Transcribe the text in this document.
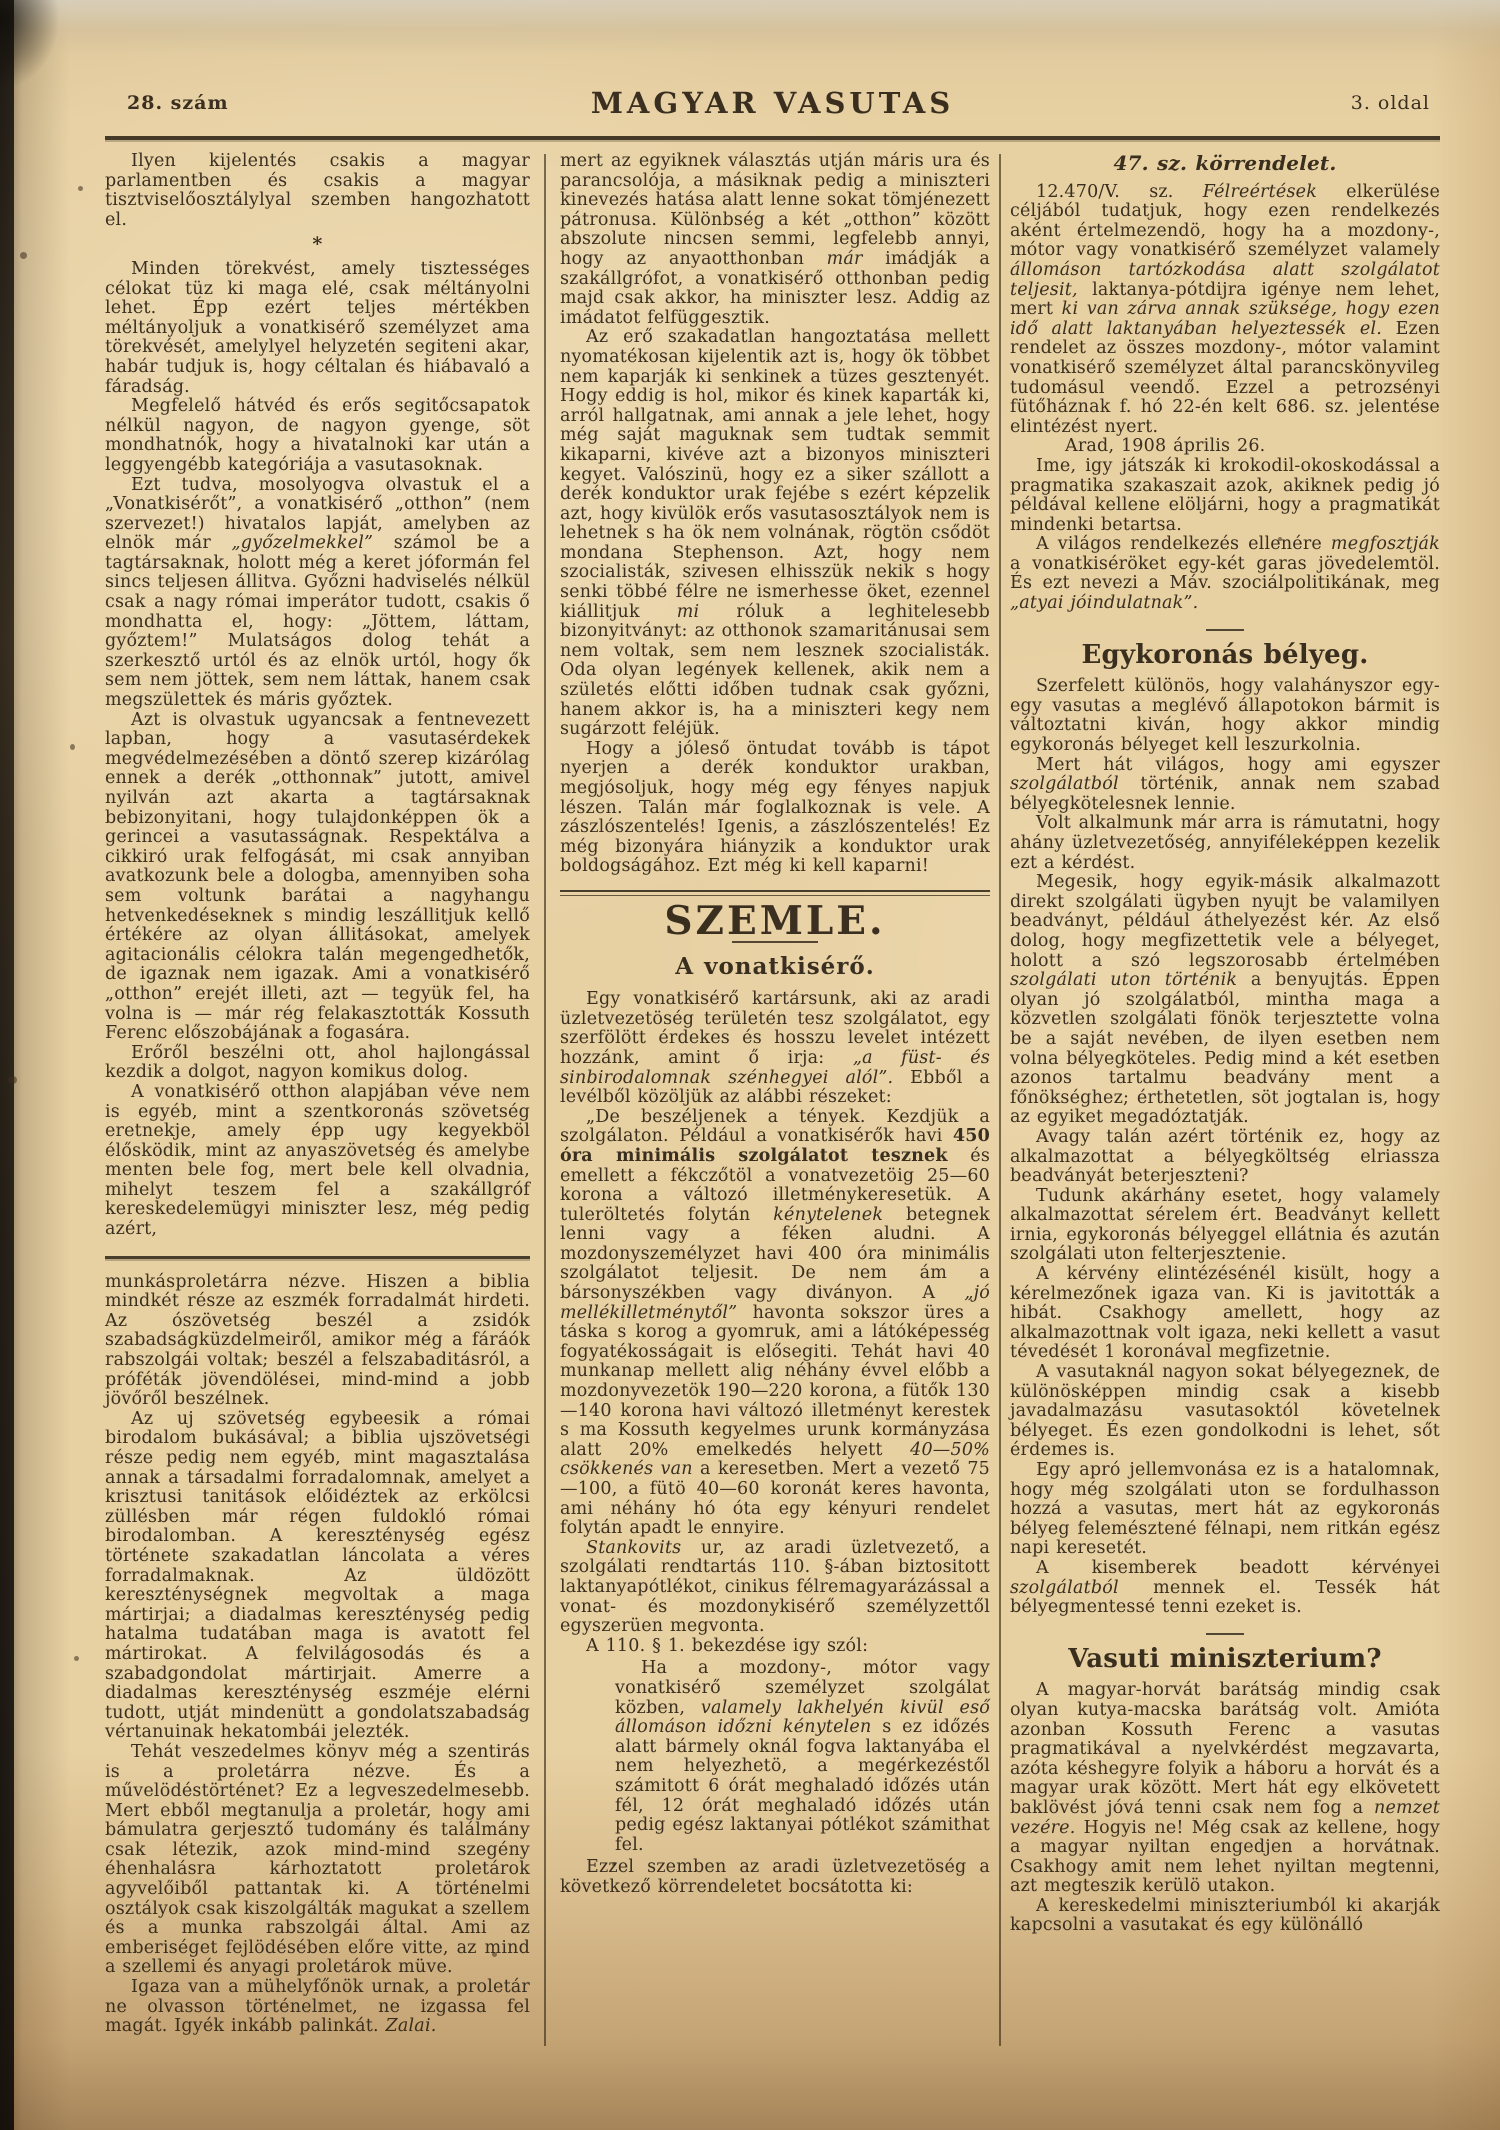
28. szám	MAGYAR VASUTAS	3. oldal

Ilyen kijelentés csakis a magyar parlamentben és csakis a magyar tisztviselőosztálylyal szemben hangozhatott el.

*

Minden törekvést, amely tisztességes célokat tüz ki maga elé, csak méltányolni lehet. Épp ezért teljes mértékben méltányoljuk a vonatkisérő személyzet ama törekvését, amelylyel helyzetén segiteni akar, habár tudjuk is, hogy céltalan és hiábavaló a fáradság.

Megfelelő hátvéd és erős segitőcsapatok nélkül nagyon, de nagyon gyenge, söt mondhatnók, hogy a hivatalnoki kar után a leggyengébb kategóriája a vasutasoknak.

Ezt tudva, mosolyogva olvastuk el a „Vonatkisérőt”, a vonatkisérő „otthon” (nem szervezet!) hivatalos lapját, amelyben az elnök már „győzelmekkel” számol be a tagtársaknak, holott még a keret jóformán fel sincs teljesen állitva. Győzni hadviselés nélkül csak a nagy római imperátor tudott, csakis ő mondhatta el, hogy: „Jöttem, láttam, győztem!” Mulatságos dolog tehát a szerkesztő urtól és az elnök urtól, hogy ők sem nem jöttek, sem nem láttak, hanem csak megszülettek és máris győztek.

Azt is olvastuk ugyancsak a fentnevezett lapban, hogy a vasutasérdekek megvédelmezésében a döntő szerep kizárólag ennek a derék „otthonnak” jutott, amivel nyilván azt akarta a tagtársaknak bebizonyitani, hogy tulajdonképpen ök a gerincei a vasutasságnak. Respektálva a cikkiró urak felfogását, mi csak annyiban avatkozunk bele a dologba, amennyiben soha sem voltunk barátai a nagyhangu hetvenkedéseknek s mindig leszállitjuk kellő értékére az olyan állitásokat, amelyek agitacionális célokra talán megengedhetők, de igaznak nem igazak. Ami a vonatkisérő „otthon” erejét illeti, azt — tegyük fel, ha volna is — már rég felakasztották Kossuth Ferenc előszobájának a fogasára.

Erőről beszélni ott, ahol hajlongással kezdik a dolgot, nagyon komikus dolog.

A vonatkisérő otthon alapjában véve nem is egyéb, mint a szentkoronás szövetség eretnekje, amely épp ugy kegyekböl élősködik, mint az anyaszövetség és amelybe menten bele fog, mert bele kell olvadnia, mihelyt teszem fel a szakállgróf kereskedelemügyi miniszter lesz, még pedig azért,

munkásproletárra nézve. Hiszen a biblia mindkét része az eszmék forradalmát hirdeti. Az ószövetség beszél a zsidók szabadságküzdelmeiről, amikor még a fáráók rabszolgái voltak; beszél a felszabaditásról, a próféták jövendölései, mind-mind a jobb jövőről beszélnek.

Az uj szövetség egybeesik a római birodalom bukásával; a biblia ujszövetségi része pedig nem egyéb, mint magasztalása annak a társadalmi forradalomnak, amelyet a krisztusi tanitások előidéztek az erkölcsi züllésben már régen fuldokló római birodalomban. A kereszténység egész története szakadatlan láncolata a véres forradalmaknak. Az üldözött kereszténységnek megvoltak a maga mártirjai; a diadalmas kereszténység pedig hatalma tudatában maga is avatott fel mártirokat. A felvilágosodás és a szabadgondolat mártirjait. Amerre a diadalmas kereszténység eszméje elérni tudott, utját mindenütt a gondolatszabadság vértanuinak hekatombái jelezték.

Tehát veszedelmes könyv még a szentirás is a proletárra nézve. És a művelödéstörténet? Ez a legveszedelmesebb. Mert ebből megtanulja a proletár, hogy ami bámulatra gerjesztő tudomány és találmány csak létezik, azok mind-mind szegény éhenhalásra kárhoztatott proletárok agyvelőiből pattantak ki. A történelmi osztályok csak kiszolgálták magukat a szellem és a munka rabszolgái által. Ami az emberiséget fejlödésében előre vitte, az mind a szellemi és anyagi proletárok müve.

Igaza van a mühelyfőnök urnak, a proletár ne olvasson történelmet, ne izgassa fel magát. Igyék inkább palinkát. Zalai.

mert az egyiknek választás utján máris ura és parancsolója, a másiknak pedig a miniszteri kinevezés hatása alatt lenne sokat tömjénezett pátronusa. Különbség a két „otthon” között abszolute nincsen semmi, legfelebb annyi, hogy az anyaotthonban már imádják a szakállgrófot, a vonatkisérő otthonban pedig majd csak akkor, ha miniszter lesz. Addig az imádatot felfüggesztik.

Az erő szakadatlan hangoztatása mellett nyomatékosan kijelentik azt is, hogy ök többet nem kaparják ki senkinek a tüzes gesztenyét. Hogy eddig is hol, mikor és kinek kaparták ki, arról hallgatnak, ami annak a jele lehet, hogy még saját maguknak sem tudtak semmit kikaparni, kivéve azt a bizonyos miniszteri kegyet. Valószinü, hogy ez a siker szállott a derék konduktor urak fejébe s ezért képzelik azt, hogy kivülök erős vasutasosztályok nem is lehetnek s ha ök nem volnának, rögtön csődöt mondana Stephenson. Azt, hogy nem szocialisták, szivesen elhisszük nekik s hogy senki többé félre ne ismerhesse öket, ezennel kiállitjuk mi róluk a leghitelesebb bizonyitványt: az otthonok szamaritánusai sem nem voltak, sem nem lesznek szocialisták. Oda olyan legények kellenek, akik nem a születés előtti időben tudnak csak győzni, hanem akkor is, ha a miniszteri kegy nem sugárzott feléjük.

Hogy a jóleső öntudat tovább is tápot nyerjen a derék konduktor urakban, megjósoljuk, hogy még egy fényes napjuk lészen. Talán már foglalkoznak is vele. A zászlószentelés! Igenis, a zászlószentelés! Ez még bizonyára hiányzik a konduktor urak boldogságához. Ezt még ki kell kaparni!

SZEMLE.

A vonatkisérő.

Egy vonatkisérő kartársunk, aki az aradi üzletvezetöség területén tesz szolgálatot, egy szerfölött érdekes és hosszu levelet intézett hozzánk, amint ő irja: „a füst- és sinbirodalomnak szénhegyei alól”. Ebből a levélből közöljük az alábbi részeket:

„De beszéljenek a tények. Kezdjük a szolgálaton. Például a vonatkisérők havi 450 óra minimális szolgálatot tesznek és emellett a fékczőtöl a vonatvezetöig 25—60 korona a változó illetménykeresetük. A tuleröltetés folytán kénytelenek betegnek lenni vagy a féken aludni. A mozdonyszemélyzet havi 400 óra minimális szolgálatot teljesit. De nem ám a bársonyszékben vagy diványon. A „jó mellékilletménytől” havonta sokszor üres a táska s korog a gyomruk, ami a látóképesség fogyatékosságait is elősegiti. Tehát havi 40 munkanap mellett alig néhány évvel előbb a mozdonyvezetök 190—220 korona, a fütők 130—140 korona havi változó illetményt kerestek s ma Kossuth kegyelmes urunk kormányzása alatt 20% emelkedés helyett 40—50% csökkenés van a keresetben. Mert a vezető 75—100, a fütö 40—60 koronát keres havonta, ami néhány hó óta egy kényuri rendelet folytán apadt le ennyire.

Stankovits ur, az aradi üzletvezető, a szolgálati rendtartás 110. §-ában biztositott laktanyapótlékot, cinikus félremagyarázással a vonat- és mozdonykisérő személyzettől egyszerüen megvonta.

A 110. § 1. bekezdése igy szól:

Ha a mozdony-, mótor vagy vonatkisérő személyzet szolgálat közben, valamely lakhelyén kivül eső állomáson időzni kénytelen s ez időzés alatt bármely oknál fogva laktanyába el nem helyezhetö, a megérkezéstől számitott 6 órát meghaladó időzés után fél, 12 órát meghaladó időzés után pedig egész laktanyai pótlékot számithat fel.

Ezzel szemben az aradi üzletvezetöség a következő körrendeletet bocsátotta ki:

47. sz. körrendelet.

12.470/V. sz. Félreértések elkerülése céljából tudatjuk, hogy ezen rendelkezés aként értelmezendö, hogy ha a mozdony-, mótor vagy vonatkisérő személyzet valamely állomáson tartózkodása alatt szolgálatot teljesit, laktanya-pótdijra igénye nem lehet, mert ki van zárva annak szüksége, hogy ezen idő alatt laktanyában helyeztessék el. Ezen rendelet az összes mozdony-, mótor valamint vonatkisérő személyzet által parancskönyvileg tudomásul veendő. Ezzel a petrozsényi fütőháznak f. hó 22-én kelt 686. sz. jelentése elintézést nyert.

Arad, 1908 április 26.

Ime, igy játszák ki krokodil-okoskodással a pragmatika szakaszait azok, akiknek pedig jó példával kellene elöljárni, hogy a pragmatikát mindenki betartsa.

A világos rendelkezés ellenére megfosztják a vonatkiséröket egy-két garas jövedelemtöl. És ezt nevezi a Máv. szociálpolitikának, meg „atyai jóindulatnak”.

Egykoronás bélyeg.

Szerfelett különös, hogy valahányszor egy-egy vasutas a meglévő állapotokon bármit is változtatni kiván, hogy akkor mindig egykoronás bélyeget kell leszurkolnia.

Mert hát világos, hogy ami egyszer szolgálatból történik, annak nem szabad bélyegkötelesnek lennie.

Volt alkalmunk már arra is rámutatni, hogy ahány üzletvezetőség, annyiféleképpen kezelik ezt a kérdést.

Megesik, hogy egyik-másik alkalmazott direkt szolgálati ügyben nyujt be valamilyen beadványt, például áthelyezést kér. Az első dolog, hogy megfizettetik vele a bélyeget, holott a szó legszorosabb értelmében szolgálati uton történik a benyujtás. Éppen olyan jó szolgálatból, mintha maga a közvetlen szolgálati fönök terjesztette volna be a saját nevében, de ilyen esetben nem volna bélyegköteles. Pedig mind a két esetben azonos tartalmu beadvány ment a főnökséghez; érthetetlen, söt jogtalan is, hogy az egyiket megadóztatják.

Avagy talán azért történik ez, hogy az alkalmazottat a bélyegköltség elriassza beadványát beterjeszteni?

Tudunk akárhány esetet, hogy valamely alkalmazottat sérelem ért. Beadványt kellett irnia, egykoronás bélyeggel ellátnia és azután szolgálati uton felterjesztenie.

A kérvény elintézésénél kisült, hogy a kérelmezőnek igaza van. Ki is javitották a hibát. Csakhogy amellett, hogy az alkalmazottnak volt igaza, neki kellett a vasut tévedését 1 koronával megfizetnie.

A vasutaknál nagyon sokat bélyegeznek, de különösképpen mindig csak a kisebb javadalmazásu vasutasoktól követelnek bélyeget. És ezen gondolkodni is lehet, sőt érdemes is.

Egy apró jellemvonása ez is a hatalomnak, hogy még szolgálati uton se fordulhasson hozzá a vasutas, mert hát az egykoronás bélyeg felemésztené félnapi, nem ritkán egész napi keresetét.

A kisemberek beadott kérvényei szolgálatból mennek el. Tessék hát bélyegmentessé tenni ezeket is.

Vasuti miniszterium?

A magyar-horvát barátság mindig csak olyan kutya-macska barátság volt. Amióta azonban Kossuth Ferenc a vasutas pragmatikával a nyelvkérdést megzavarta, azóta késhegyre folyik a háboru a horvát és a magyar urak között. Mert hát egy elkövetett baklövést jóvá tenni csak nem fog a nemzet vezére. Hogyis ne! Még csak az kellene, hogy a magyar nyiltan engedjen a horvátnak. Csakhogy amit nem lehet nyiltan megtenni, azt megteszik kerülö utakon.

A kereskedelmi miniszteriumból ki akarják kapcsolni a vasutakat és egy különálló
